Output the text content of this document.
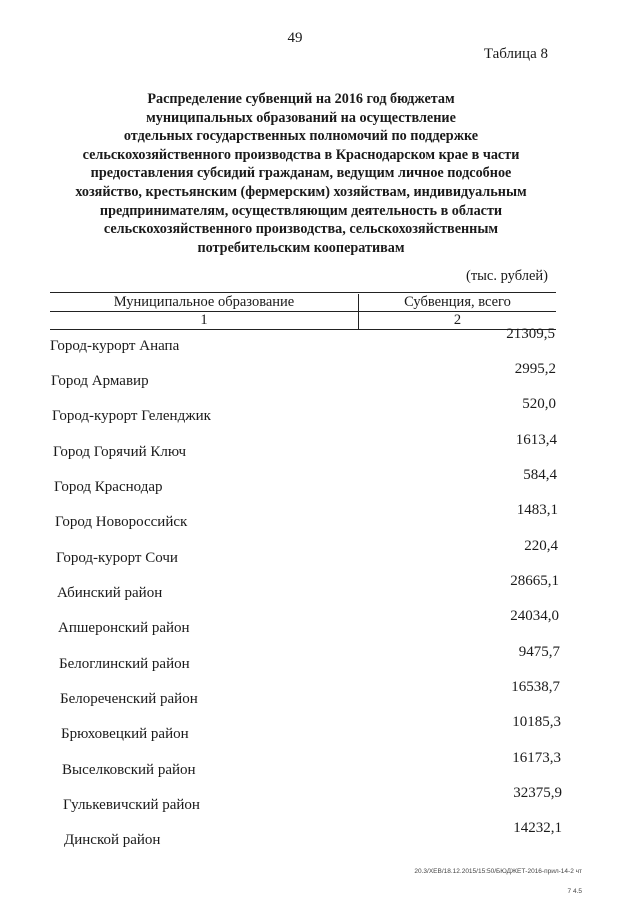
49
Таблица 8
Распределение субвенций на 2016 год бюджетам
муниципальных образований на осуществление
отдельных государственных полномочий по поддержке
сельскохозяйственного производства в Краснодарском крае в части
предоставления субсидий гражданам, ведущим личное подсобное
хозяйство, крестьянским (фермерским) хозяйствам, индивидуальным
предпринимателям, осуществляющим деятельность в области
сельскохозяйственного производства, сельскохозяйственным
потребительским кооперативам
(тыс. рублей)
Муниципальное образование	Субвенция, всего
1	2
Город-курорт Анапа
21309,5
Город Армавир
2995,2
Город-курорт Геленджик
520,0
Город Горячий Ключ
1613,4
Город Краснодар
584,4
Город Новороссийск
1483,1
Город-курорт Сочи
220,4
Абинский район
28665,1
Апшеронский район
24034,0
Белоглинский район
9475,7
Белореченский район
16538,7
Брюховецкий район
10185,3
Выселковский район
16173,3
Гулькевичский район
32375,9
Динской район
14232,1
20.3/XEB/18.12.2015/15:50/БЮДЖЕТ-2016-прил-14-2 чт
7 4.5
